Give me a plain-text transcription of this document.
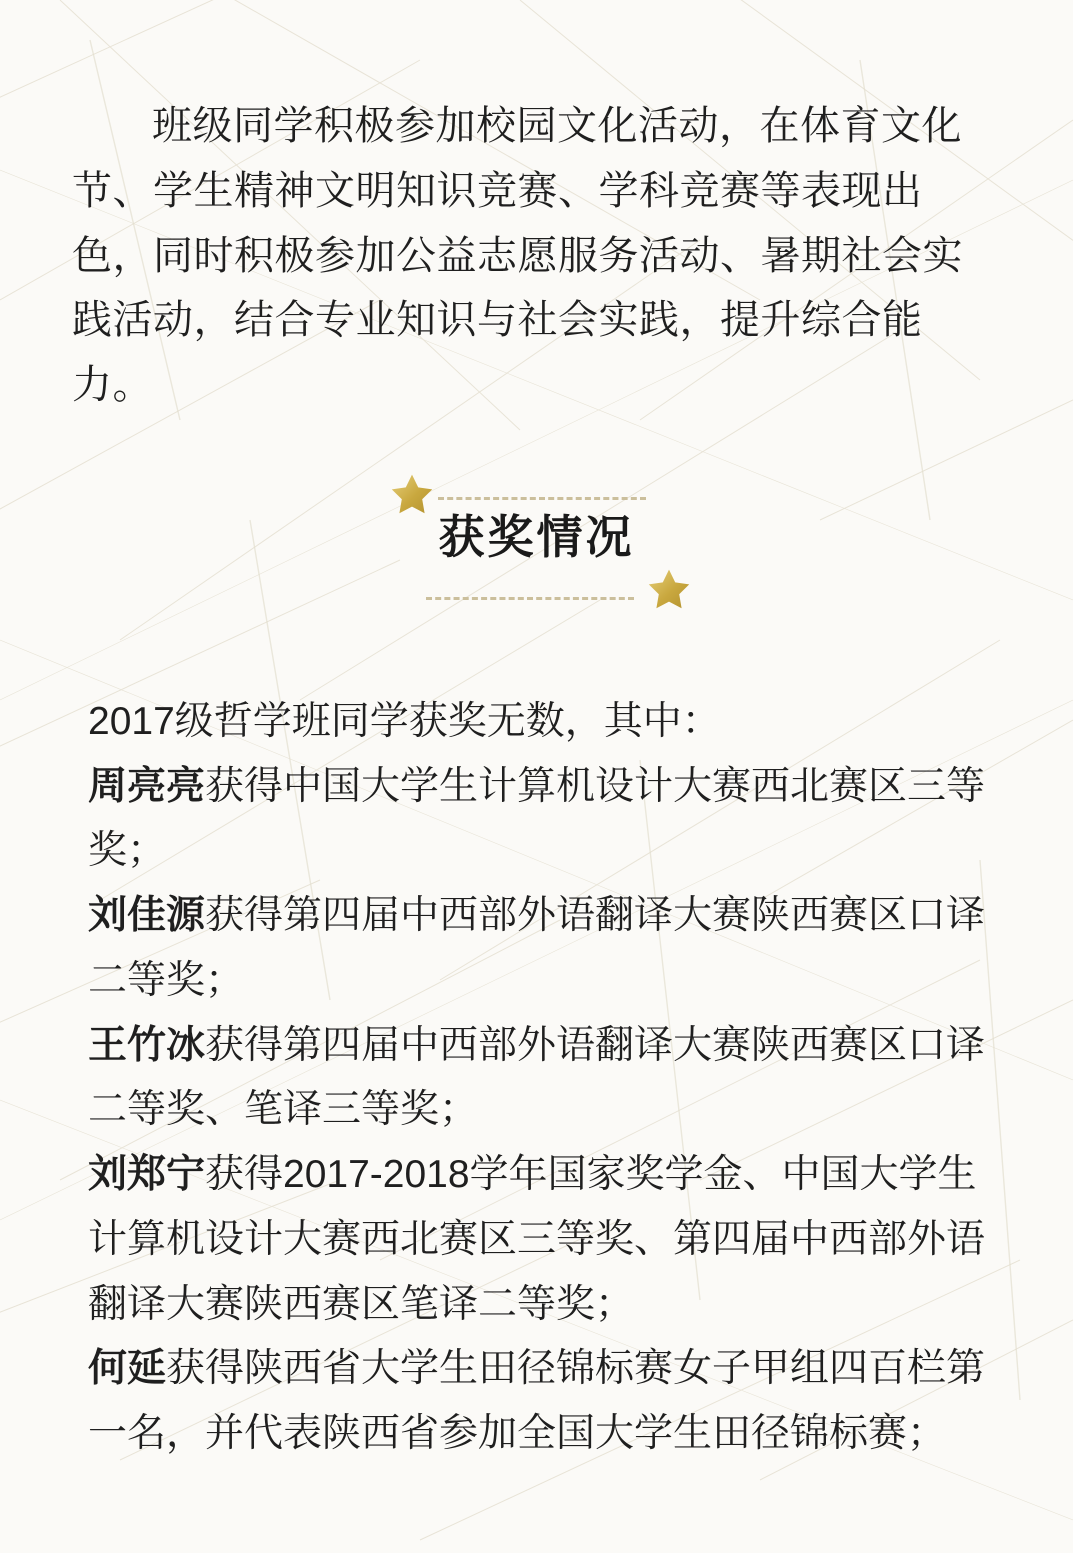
班级同学积极参加校园文化活动，在体育文化节、学生精神文明知识竞赛、学科竞赛等表现出色，同时积极参加公益志愿服务活动、暑期社会实践活动，结合专业知识与社会实践，提升综合能力。

获奖情况

2017级哲学班同学获奖无数，其中：

周亮亮获得中国大学生计算机设计大赛西北赛区三等奖；

刘佳源获得第四届中西部外语翻译大赛陕西赛区口译二等奖；

王竹冰获得第四届中西部外语翻译大赛陕西赛区口译二等奖、笔译三等奖；

刘郑宁获得2017-2018学年国家奖学金、中国大学生计算机设计大赛西北赛区三等奖、第四届中西部外语翻译大赛陕西赛区笔译二等奖；

何延获得陕西省大学生田径锦标赛女子甲组四百栏第一名，并代表陕西省参加全国大学生田径锦标赛；
